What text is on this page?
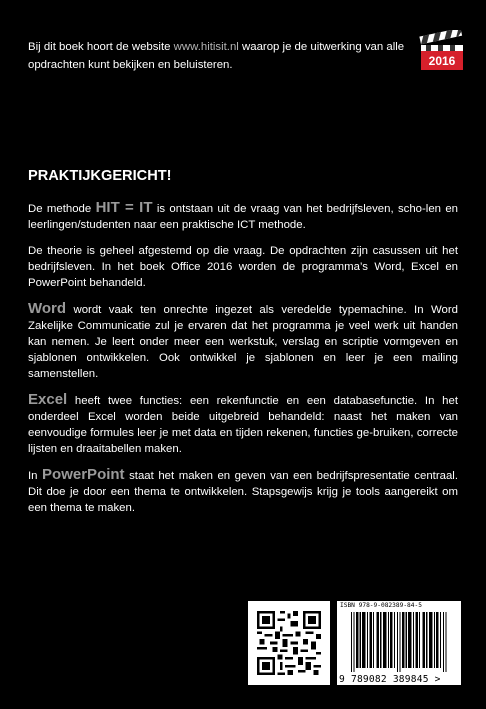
Bij dit boek hoort de website www.hitisit.nl waarop je de uitwerking van alle opdrachten kunt bekijken en beluisteren.	2016
PRAKTIJKGERICHT!

De methode HIT = IT is ontstaan uit de vraag van het bedrijfsleven, scho-len en leerlingen/studenten naar een praktische ICT methode.

De theorie is geheel afgestemd op die vraag. De opdrachten zijn casussen uit het bedrijfsleven. In het boek Office 2016 worden de programma’s Word, Excel en PowerPoint behandeld.

Word wordt vaak ten onrechte ingezet als veredelde typemachine. In Word Zakelijke Communicatie zul je ervaren dat het programma je veel werk uit handen kan nemen. Je leert onder meer een werkstuk, verslag en scriptie vormgeven en sjablonen ontwikkelen. Ook ontwikkel je sjablonen en leer je een mailing samenstellen.

Excel heeft twee functies: een rekenfunctie en een databasefunctie. In het onderdeel Excel worden beide uitgebreid behandeld: naast het maken van eenvoudige formules leer je met data en tijden rekenen, functies ge-bruiken, correcte lijsten en draaitabellen maken.

In PowerPoint staat het maken en geven van een bedrijfspresentatie centraal. Dit doe je door een thema te ontwikkelen. Stapsgewijs krijg je tools aangereikt om een thema te maken.

ISBN 978-9-082389-84-5
9 789082 389845 >
